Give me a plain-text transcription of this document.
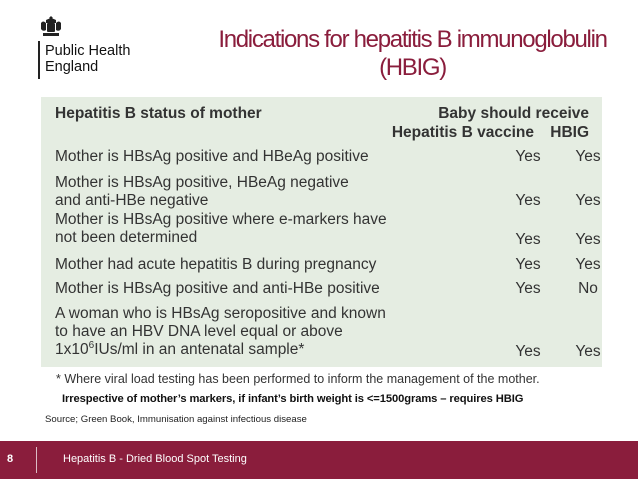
Public Health
England
Indications for hepatitis B immunoglobulin
(HBIG)
Hepatitis B status of mother	Baby should receive
Hepatitis B vaccine HBIG
Mother is HBsAg positive and HBeAg positive	Yes Yes
Mother is HBsAg positive, HBeAg negative
and anti-HBe negative	Yes Yes
Mother is HBsAg positive where e-markers have
not been determined	Yes Yes
Mother had acute hepatitis B during pregnancy	Yes Yes
Mother is HBsAg positive and anti-HBe positive	Yes	No
A woman who is HBsAg seropositive and known
to have an HBV DNA level equal or above
$1x10^6IUs/ml$ in an antenatal sample*	Yes Yes
* Where viral load testing has been performed to inform the management of the mother.
Irrespective of mother’s markers, if infant’s birth weight is <=1500grams – requires HBIG
Source; Green Book, Immunisation against infectious disease
8	Hepatitis B - Dried Blood Spot Testing
